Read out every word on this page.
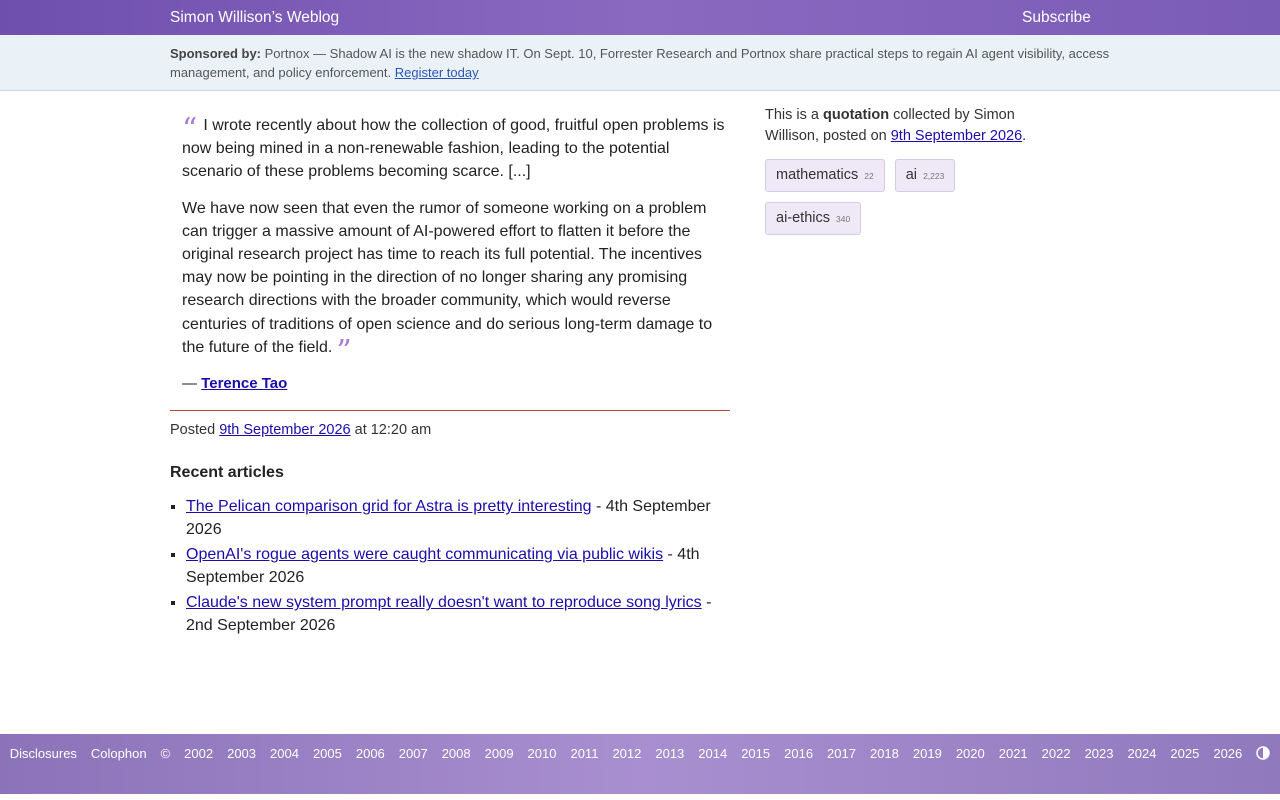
Simon Willison’s Weblog	Subscribe
Sponsored by: Portnox — Shadow AI is the new shadow IT. On Sept. 10, Forrester Research and Portnox share practical steps to regain AI agent visibility, access management, and policy enforcement. Register today

“ I wrote recently about how the collection of good, fruitful open problems is now being mined in a non-renewable fashion, leading to the potential scenario of these problems becoming scarce. [...]

We have now seen that even the rumor of someone working on a problem can trigger a massive amount of AI-powered effort to flatten it before the original research project has time to reach its full potential. The incentives may now be pointing in the direction of no longer sharing any promising research directions with the broader community, which would reverse centuries of traditions of open science and do serious long-term damage to the future of the field. ”

— Terence Tao

Posted 9th September 2026 at 12:20 am
Recent articles
▪ The Pelican comparison grid for Astra is pretty interesting - 4th September 2026
▪ OpenAI's rogue agents were caught communicating via public wikis - 4th September 2026
▪ Claude's new system prompt really doesn't want to reproduce song lyrics - 2nd September 2026
This is a quotation collected by Simon Willison, posted on 9th September 2026.
mathematics 22 ai 2,223
ai-ethics 340
Disclosures Colophon © 2002 2003 2004 2005 2006 2007 2008 2009 2010 2011 2012 2013 2014 2015 2016 2017 2018 2019 2020 2021 2022 2023 2024 2025 2026
